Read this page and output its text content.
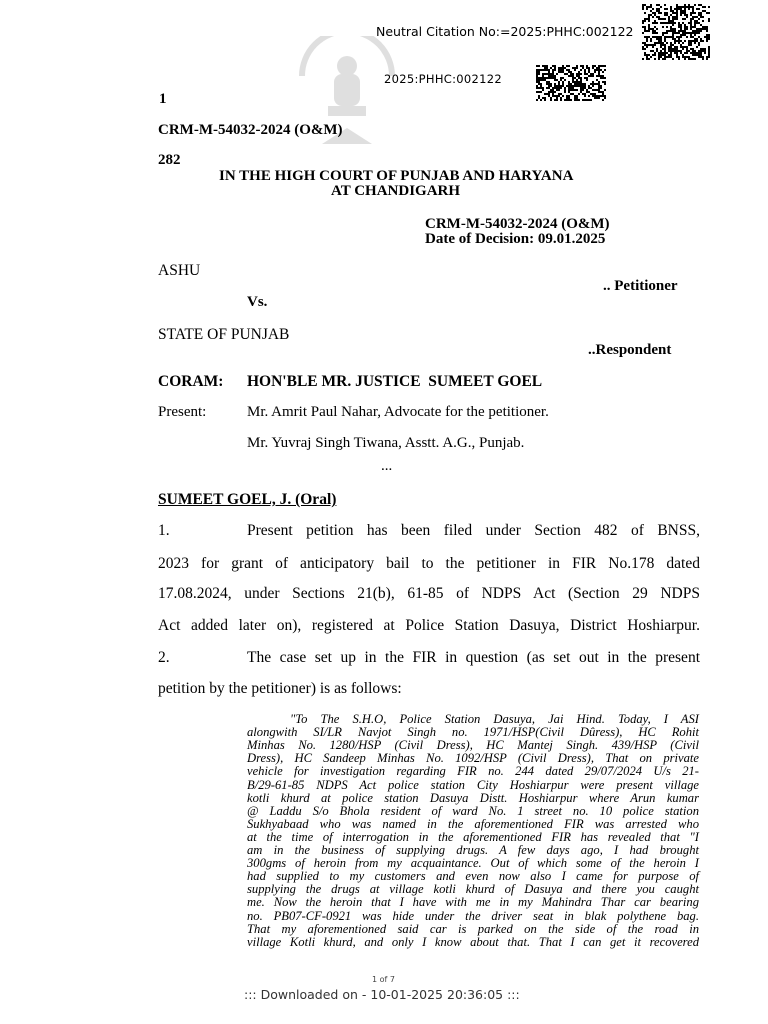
Neutral Citation No:=2025:PHHC:002122
2025:PHHC:002122
1
CRM-M-54032-2024 (O&M)
282
IN THE HIGH COURT OF PUNJAB AND HARYANA
AT CHANDIGARH
CRM-M-54032-2024 (O&M)
Date of Decision: 09.01.2025
ASHU
.. Petitioner
Vs.
STATE OF PUNJAB
..Respondent
CORAM: HON'BLE MR. JUSTICE  SUMEET GOEL
Present:	Mr. Amrit Paul Nahar, Advocate for the petitioner.
Mr. Yuvraj Singh Tiwana, Asstt. A.G., Punjab.
...
SUMEET GOEL, J. (Oral)
1.	Present petition has been filed under Section 482 of BNSS,
2023 for grant of anticipatory bail to the petitioner in FIR No.178 dated
17.08.2024, under Sections 21(b), 61-85 of NDPS Act (Section 29 NDPS
Act added later on), registered at Police Station Dasuya, District Hoshiarpur.
2.	The case set up in the FIR in question (as set out in the present
petition by the petitioner) is as follows:
"To The S.H.O, Police Station Dasuya, Jai Hind. Today, I ASI
alongwith SI/LR Navjot Singh no. 1971/HSP(Civil Dûress), HC Rohit
Minhas No. 1280/HSP (Civil Dress), HC Mantej Singh. 439/HSP (Civil
Dress), HC Sandeep Minhas No. 1092/HSP (Civil Dress), That on private
vehicle for investigation regarding FIR no. 244 dated 29/07/2024 U/s 21-
B/29-61-85 NDPS Act police station City Hoshiarpur were present village
kotli khurd at police station Dasuya Distt. Hoshiarpur where Arun kumar
@ Laddu S/o Bhola resident of ward No. 1 street no. 10 police station
Sukhyabaad who was named in the aforementioned FIR was arrested who
at the time of interrogation in the aforementioned FIR has revealed that "I
am in the business of supplying drugs. A few days ago, I had brought
300gms of heroin from my acquaintance. Out of which some of the heroin I
had supplied to my customers and even now also I came for purpose of
supplying the drugs at village kotli khurd of Dasuya and there you caught
me. Now the heroin that I have with me in my Mahindra Thar car bearing
no. PB07-CF-0921 was hide under the driver seat in blak polythene bag.
That my aforementioned said car is parked on the side of the road in
village Kotli khurd, and only I know about that. That I can get it recovered
1 of 7
::: Downloaded on - 10-01-2025 20:36:05 :::
